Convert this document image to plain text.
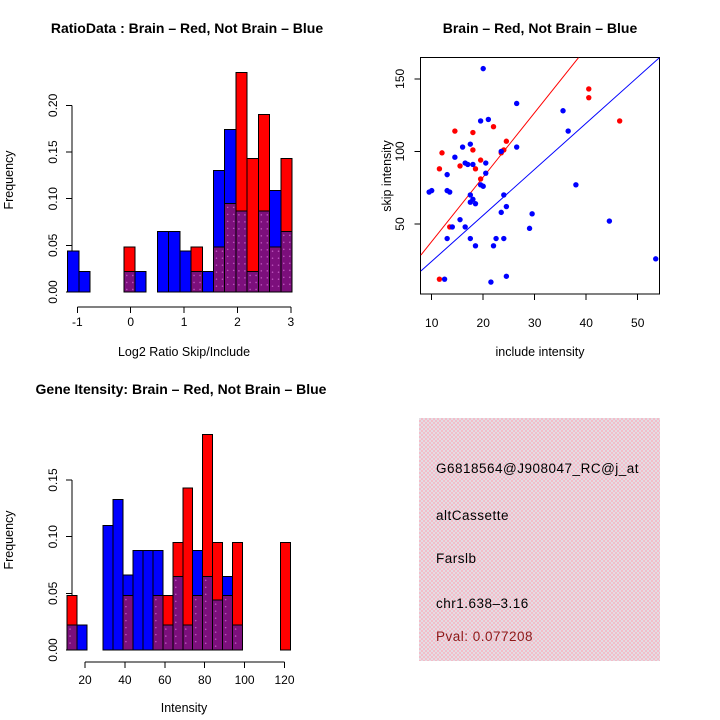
0.00
0.05
0.10
0.15
0.20
-1	0	1	2	3
RatioData : Brain – Red, Not Brain – Blue
Log2 Ratio Skip/Include
Frequency
10	20	30	40	50
50
100
150
Brain – Red, Not Brain – Blue
include intensity
skip intensity
0.00
0.05
0.10
0.15
20 40 60 80 100 120
Gene Itensity: Brain – Red, Not Brain – Blue
Intensity
Frequency
G6818564@J908047_RC@j_at
altCassette
Farslb
chr1.638–3.16
Pval: 0.077208
